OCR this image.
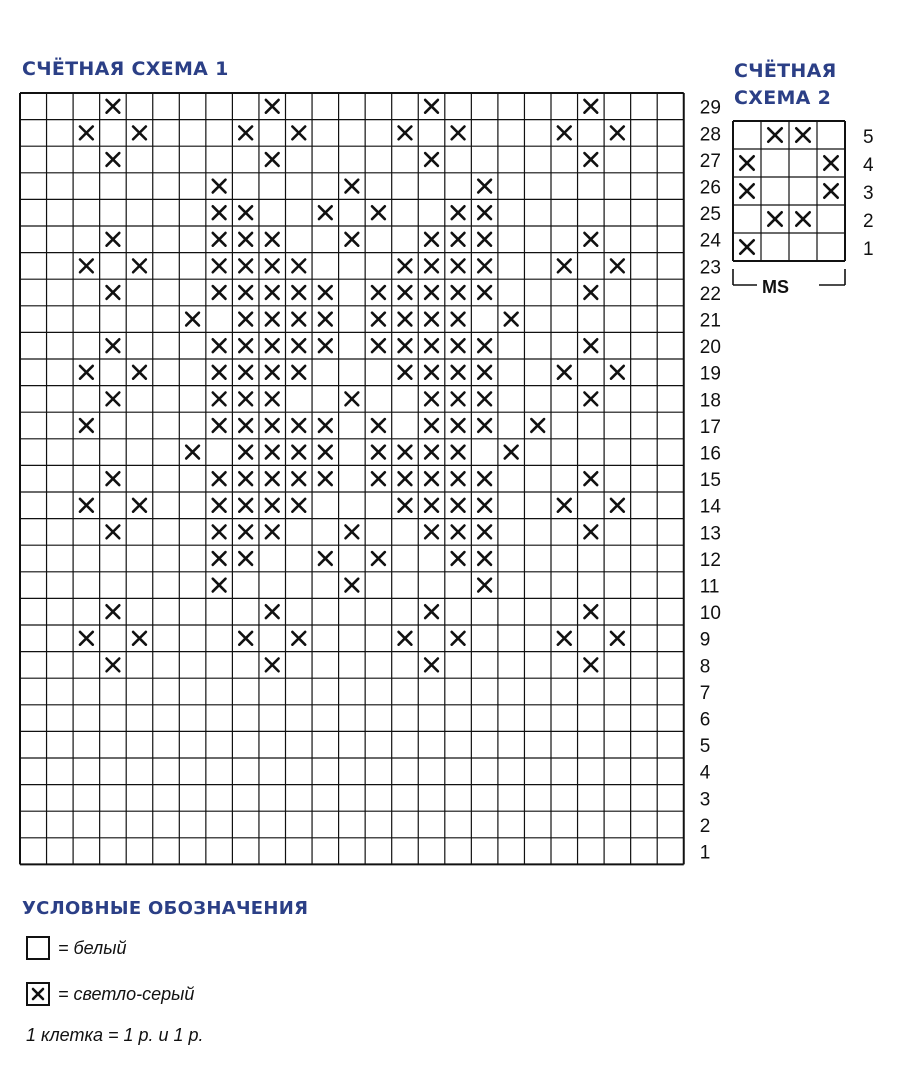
СЧЁТНАЯ СХЕМА 1	СЧЁТНАЯ
СХЕМА 2
29
28
27
26
25
24
23
22
21
20
19
18
17
16
15
14
13
12
11
10
9
8
7
6
5
4
3
2
1
5
4
3
2
1
MS
УСЛОВНЫЕ ОБОЗНАЧЕНИЯ
= белый
= светло-серый
1 клетка = 1 р. и 1 р.
